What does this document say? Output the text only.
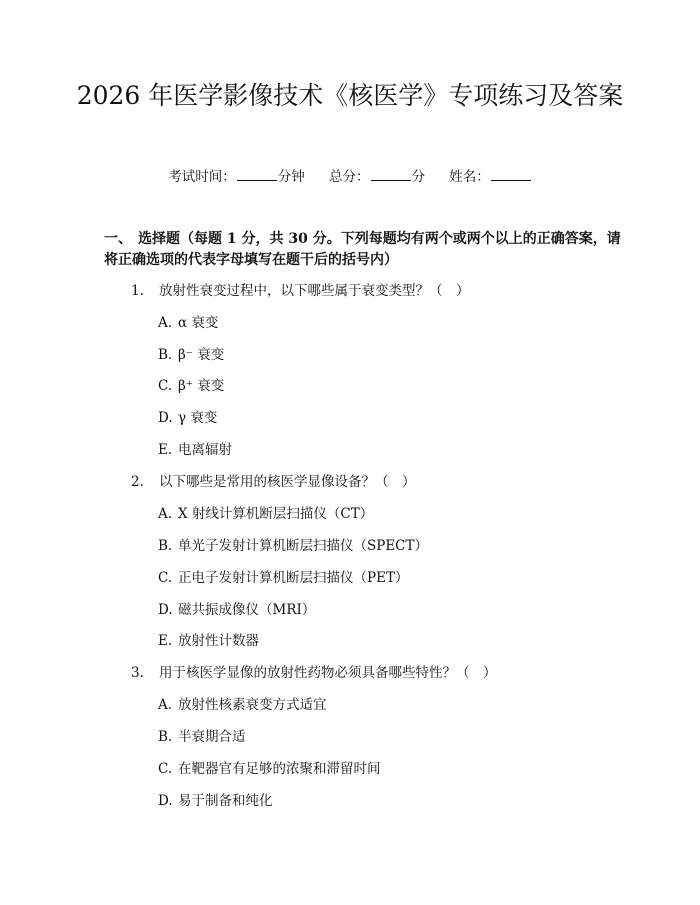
2026 年医学影像技术《核医学》专项练习及答案
考试时间：	分钟 总分：	分 姓名：
一、 选择题（每题 1 分，共 30 分。下列每题均有两个或两个以上的正确答案，请将正确选项的代表字母填写在题干后的括号内）
1. 放射性衰变过程中，以下哪些属于衰变类型？（　）
A. α 衰变
B. β⁻ 衰变
C. β⁺ 衰变
D. γ 衰变
E. 电离辐射
2. 以下哪些是常用的核医学显像设备？（　）
A. X 射线计算机断层扫描仪（CT）
B. 单光子发射计算机断层扫描仪（SPECT）
C. 正电子发射计算机断层扫描仪（PET）
D. 磁共振成像仪（MRI）
E. 放射性计数器
3. 用于核医学显像的放射性药物必须具备哪些特性？（　）
A. 放射性核素衰变方式适宜
B. 半衰期合适
C. 在靶器官有足够的浓聚和滞留时间
D. 易于制备和纯化
